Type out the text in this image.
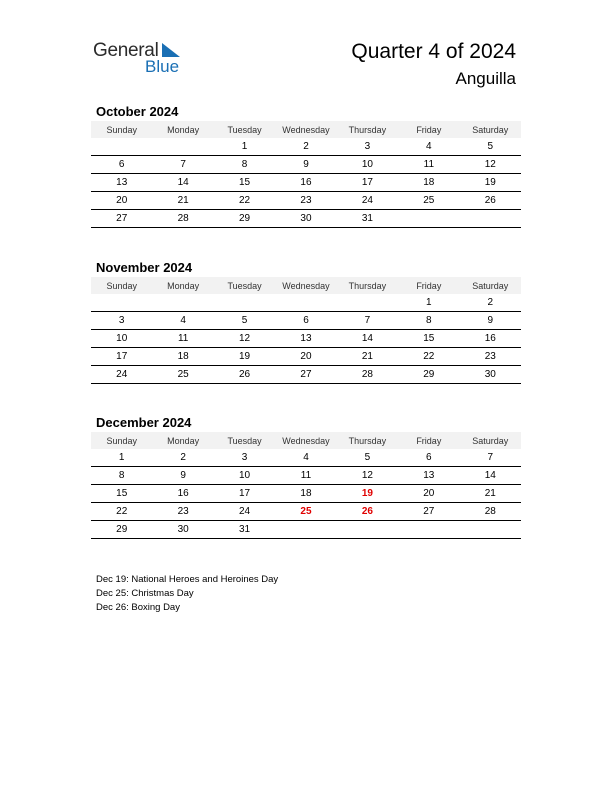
General
Blue
Quarter 4 of 2024
Anguilla
October 2024
Sunday	Monday	Tuesday	Wednesday	Thursday	Friday	Saturday
		1	2	3	4	5
6	7	8	9	10	11	12
13	14	15	16	17	18	19
20	21	22	23	24	25	26
27	28	29	30	31		
November 2024
Sunday	Monday	Tuesday	Wednesday	Thursday	Friday	Saturday
					1	2
3	4	5	6	7	8	9
10	11	12	13	14	15	16
17	18	19	20	21	22	23
24	25	26	27	28	29	30
December 2024
Sunday	Monday	Tuesday	Wednesday	Thursday	Friday	Saturday
1	2	3	4	5	6	7
8	9	10	11	12	13	14
15	16	17	18	19	20	21
22	23	24	25	26	27	28
29	30	31				
Dec 19: National Heroes and Heroines Day
Dec 25: Christmas Day
Dec 26: Boxing Day
